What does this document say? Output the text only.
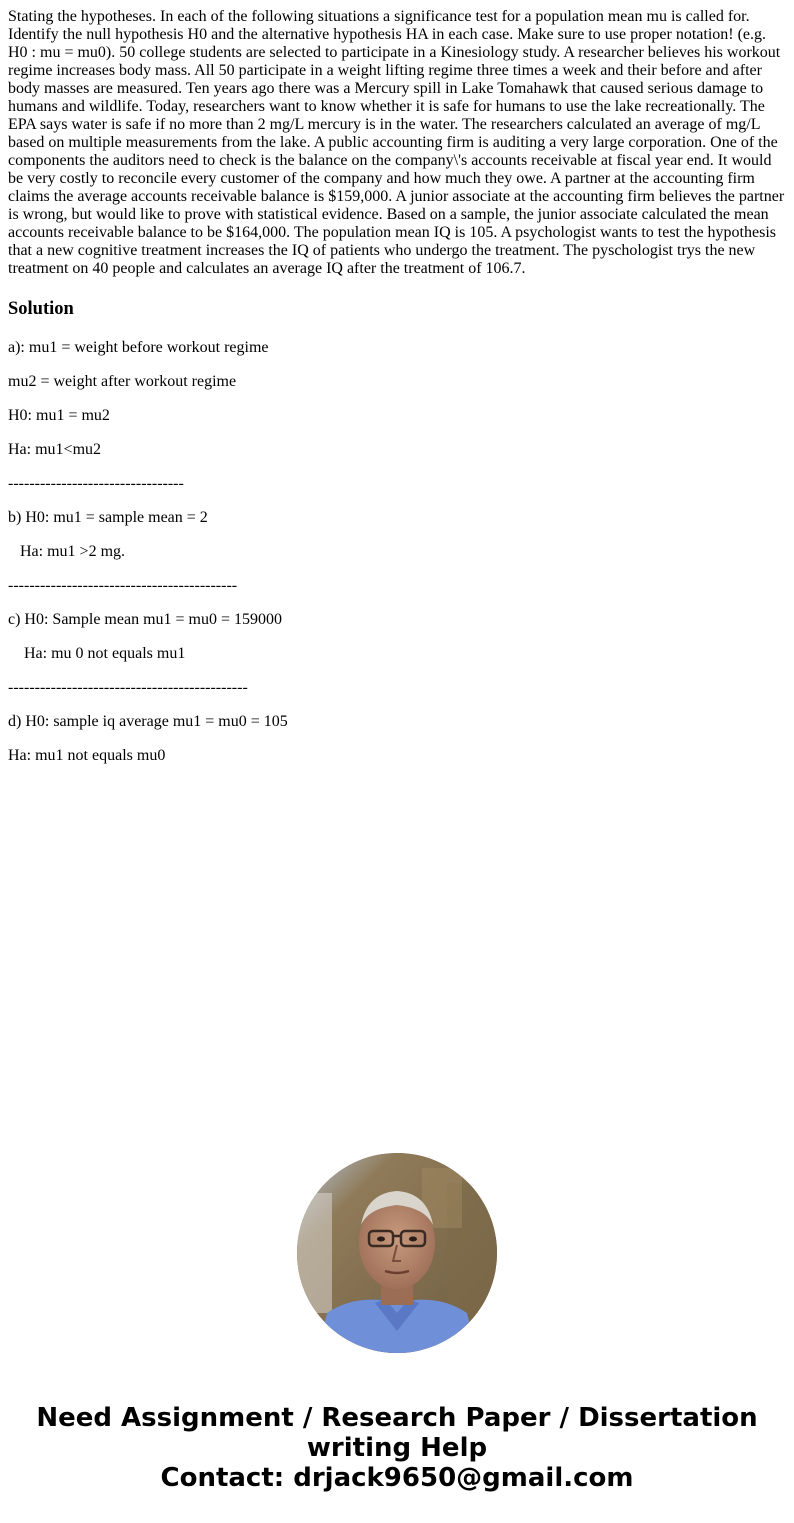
Stating the hypotheses. In each of the following situations a significance test for a population mean mu is called for. Identify the null hypothesis H0 and the alternative hypothesis HA in each case. Make sure to use proper notation! (e.g. H0 : mu = mu0). 50 college students are selected to participate in a Kinesiology study. A researcher believes his workout regime increases body mass. All 50 participate in a weight lifting regime three times a week and their before and after body masses are measured. Ten years ago there was a Mercury spill in Lake Tomahawk that caused serious damage to humans and wildlife. Today, researchers want to know whether it is safe for humans to use the lake recreationally. The EPA says water is safe if no more than 2 mg/L mercury is in the water. The researchers calculated an average of mg/L based on multiple measurements from the lake. A public accounting firm is auditing a very large corporation. One of the components the auditors need to check is the balance on the company\'s accounts receivable at fiscal year end. It would be very costly to reconcile every customer of the company and how much they owe. A partner at the accounting firm claims the average accounts receivable balance is $159,000. A junior associate at the accounting firm believes the partner is wrong, but would like to prove with statistical evidence. Based on a sample, the junior associate calculated the mean accounts receivable balance to be $164,000. The population mean IQ is 105. A psychologist wants to test the hypothesis that a new cognitive treatment increases the IQ of patients who undergo the treatment. The pyschologist trys the new treatment on 40 people and calculates an average IQ after the treatment of 106.7.

Solution

a): mu1 = weight before workout regime

mu2 = weight after workout regime

H0: mu1 = mu2

Ha: mu1<mu2

---------------------------------

b) H0: mu1 = sample mean = 2

Ha: mu1 >2 mg.

-------------------------------------------

c) H0: Sample mean mu1 = mu0 = 159000

Ha: mu 0 not equals mu1

---------------------------------------------

d) H0: sample iq average mu1 = mu0 = 105

Ha: mu1 not equals mu0

Need Assignment / Research Paper / Dissertation
writing Help
Contact: drjack9650@gmail.com
